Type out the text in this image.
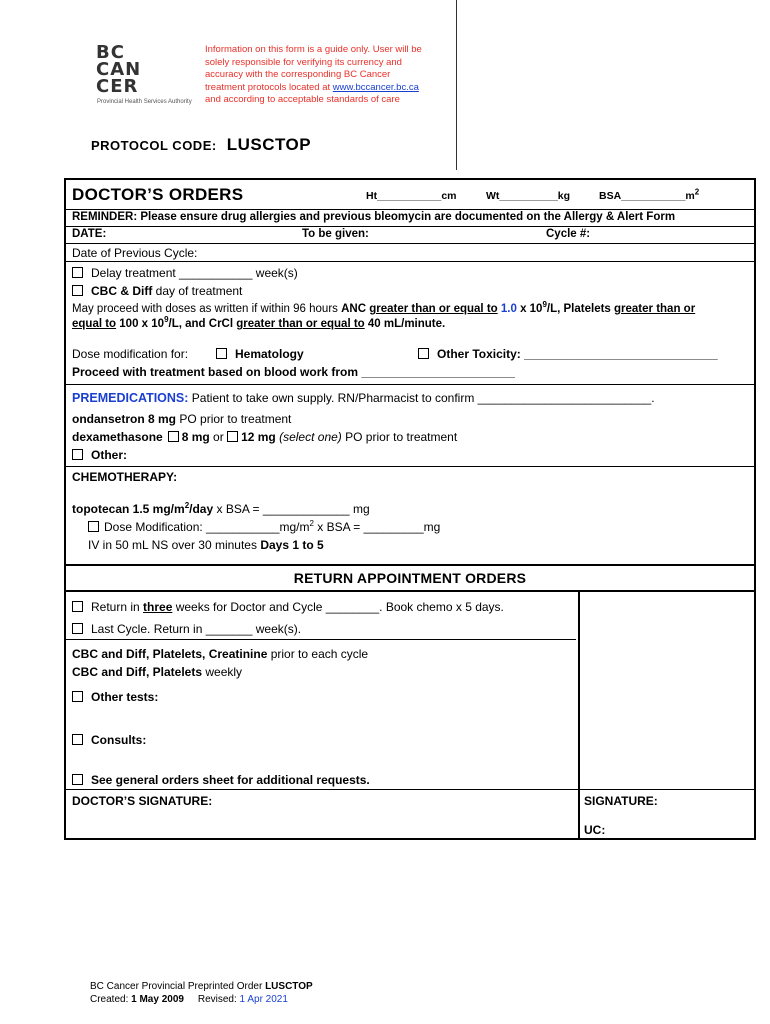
BC
CAN
CER
Provincial Health Services Authority
Information on this form is a guide only. User will be
solely responsible for verifying its currency and
accuracy with the corresponding BC Cancer
treatment protocols located at www.bccancer.bc.ca
and according to acceptable standards of care
PROTOCOL CODE: LUSCTOP
DOCTOR’S ORDERS	Ht___________cm	Wt__________kg	$BSA\_\_\_\_\_\_\_\_\_\_\_m^2$
REMINDER: Please ensure drug allergies and previous bleomycin are documented on the Allergy & Alert Form
DATE:	To be given:	Cycle #:
Date of Previous Cycle:
Delay treatment ___________ week(s)
CBC & Diff day of treatment
May proceed with doses as written if within 96 hours ANC greater than or equal to 1.0 x $10^9/L$, Platelets greater than or
equal to 100 x $10^9/L$, and CrCl greater than or equal to 40 mL/minute.
Dose modification for:	Hematology	Other Toxicity: _____________________________
Proceed with treatment based on blood work from _______________________
PREMEDICATIONS: Patient to take own supply. RN/Pharmacist to confirm __________________________.
ondansetron 8 mg PO prior to treatment
dexamethasone 8 mg or 12 mg (select one) PO prior to treatment
Other:
CHEMOTHERAPY:
topotecan 1.5 $mg/m^2$/day x BSA = _____________ mg
Dose Modification: $\_\_\_\_\_\_\_\_\_\_\_mg/m^2$ x BSA = _________mg
IV in 50 mL NS over 30 minutes Days 1 to 5
RETURN APPOINTMENT ORDERS
Return in three weeks for Doctor and Cycle ________. Book chemo x 5 days.
Last Cycle. Return in _______ week(s).
CBC and Diff, Platelets, Creatinine prior to each cycle
CBC and Diff, Platelets weekly
Other tests:
Consults:
See general orders sheet for additional requests.
DOCTOR’S SIGNATURE:	SIGNATURE:
UC:
BC Cancer Provincial Preprinted Order LUSCTOP
Created: 1 May 2009     Revised: 1 Apr 2021
